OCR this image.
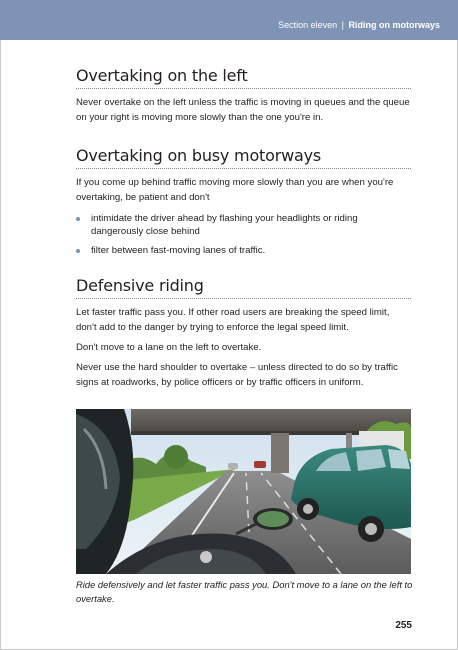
Section eleven | Riding on motorways
Overtaking on the left

Never overtake on the left unless the traffic is moving in queues and the queue on your right is moving more slowly than the one you're in.

Overtaking on busy motorways

If you come up behind traffic moving more slowly than you are when you're overtaking, be patient and don't

intimidate the driver ahead by flashing your headlights or riding dangerously close behind
filter between fast-moving lanes of traffic.
Defensive riding

Let faster traffic pass you. If other road users are breaking the speed limit, don't add to the danger by trying to enforce the legal speed limit.

Don't move to a lane on the left to overtake.

Never use the hard shoulder to overtake – unless directed to do so by traffic signs at roadworks, by police officers or by traffic officers in uniform.

Ride defensively and let faster traffic pass you. Don't move to a lane on the left to overtake.
255
